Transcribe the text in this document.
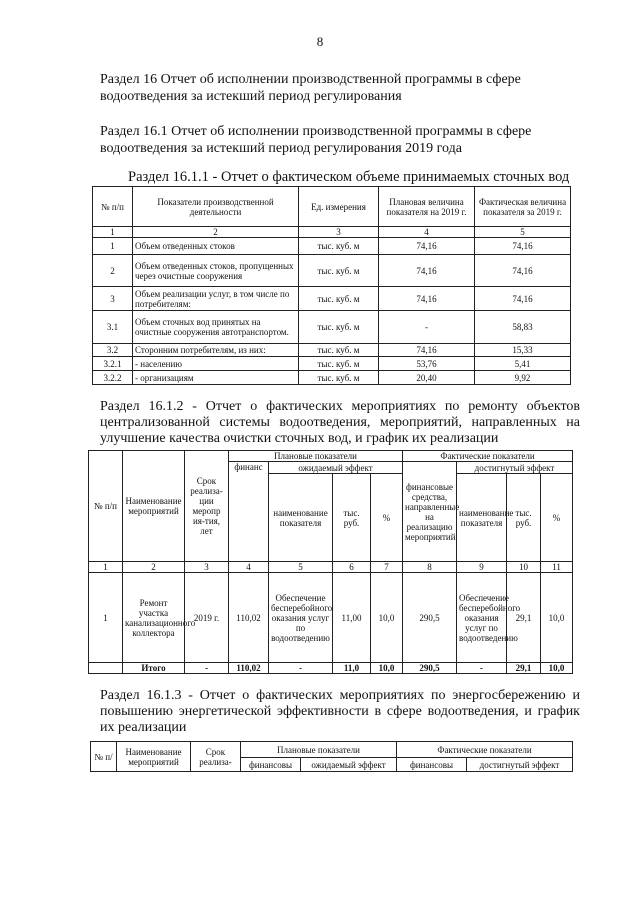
8
Раздел 16 Отчет об исполнении производственной программы в сфере водоотведения за истекший период регулирования
Раздел 16.1 Отчет об исполнении производственной программы в сфере водоотведения за истекший период регулирования 2019 года
Раздел 16.1.1 - Отчет о фактическом объеме принимаемых сточных вод
№ п/п	Показатели производственной деятельности	Ед. измерения	Плановая величина показателя на 2019 г.	Фактическая величина показателя за 2019 г.
1	2	3	4	5
1	Объем отведенных стоков	тыс. куб. м	74,16	74,16
2	Объем отведенных стоков, пропущенных через очистные сооружения	тыс. куб. м	74,16	74,16
3	Объем реализации услуг, в том числе по потребителям:	тыс. куб. м	74,16	74,16
3.1	Объем сточных вод принятых на очистные сооружения автотранспортом.	тыс. куб. м	-	58,83
3.2	Сторонним потребителям, из них:	тыс. куб. м	74,16	15,33
3.2.1	- населению	тыс. куб. м	53,76	5,41
3.2.2	- организациям	тыс. куб. м	20,40	9,92
Раздел 16.1.2 - Отчет о фактических мероприятиях по ремонту объектов централизованной системы водоотведения, мероприятий, направленных на улучшение качества очистки сточных вод, и график их реализации
№ п/п	Наименование мероприятий	Срок реализа-ции меропр ия-тия, лет	Плановые показатели				Фактические показатели			
			финанс	ожидаемый эффект			финансовые средства, направленные на реализацию мероприятий	достигнутый эффект		
				наименование показателя	тыс. руб.	%		наименование показателя	тыс. руб.	%
1	2	3	4	5	6	7	8	9	10	11
1	Ремонт участка канализационного коллектора	2019 г.	110,02	Обеспечение бесперебойного оказания услуг по водоотведению	11,00	10,0	290,5	Обеспечение бесперебойного оказания услуг по водоотведению	29,1	10,0
	Итого	-	110,02	-	11,0	10,0	290,5	-	29,1	10,0
Раздел 16.1.3 - Отчет о фактических мероприятиях по энергосбережению и повышению энергетической эффективности в сфере водоотведения, и график их реализации
№ п/	Наименование мероприятий	Срок реализа-	Плановые показатели		Фактические показатели	
			финансовы	ожидаемый эффект	финансовы	достигнутый эффект
